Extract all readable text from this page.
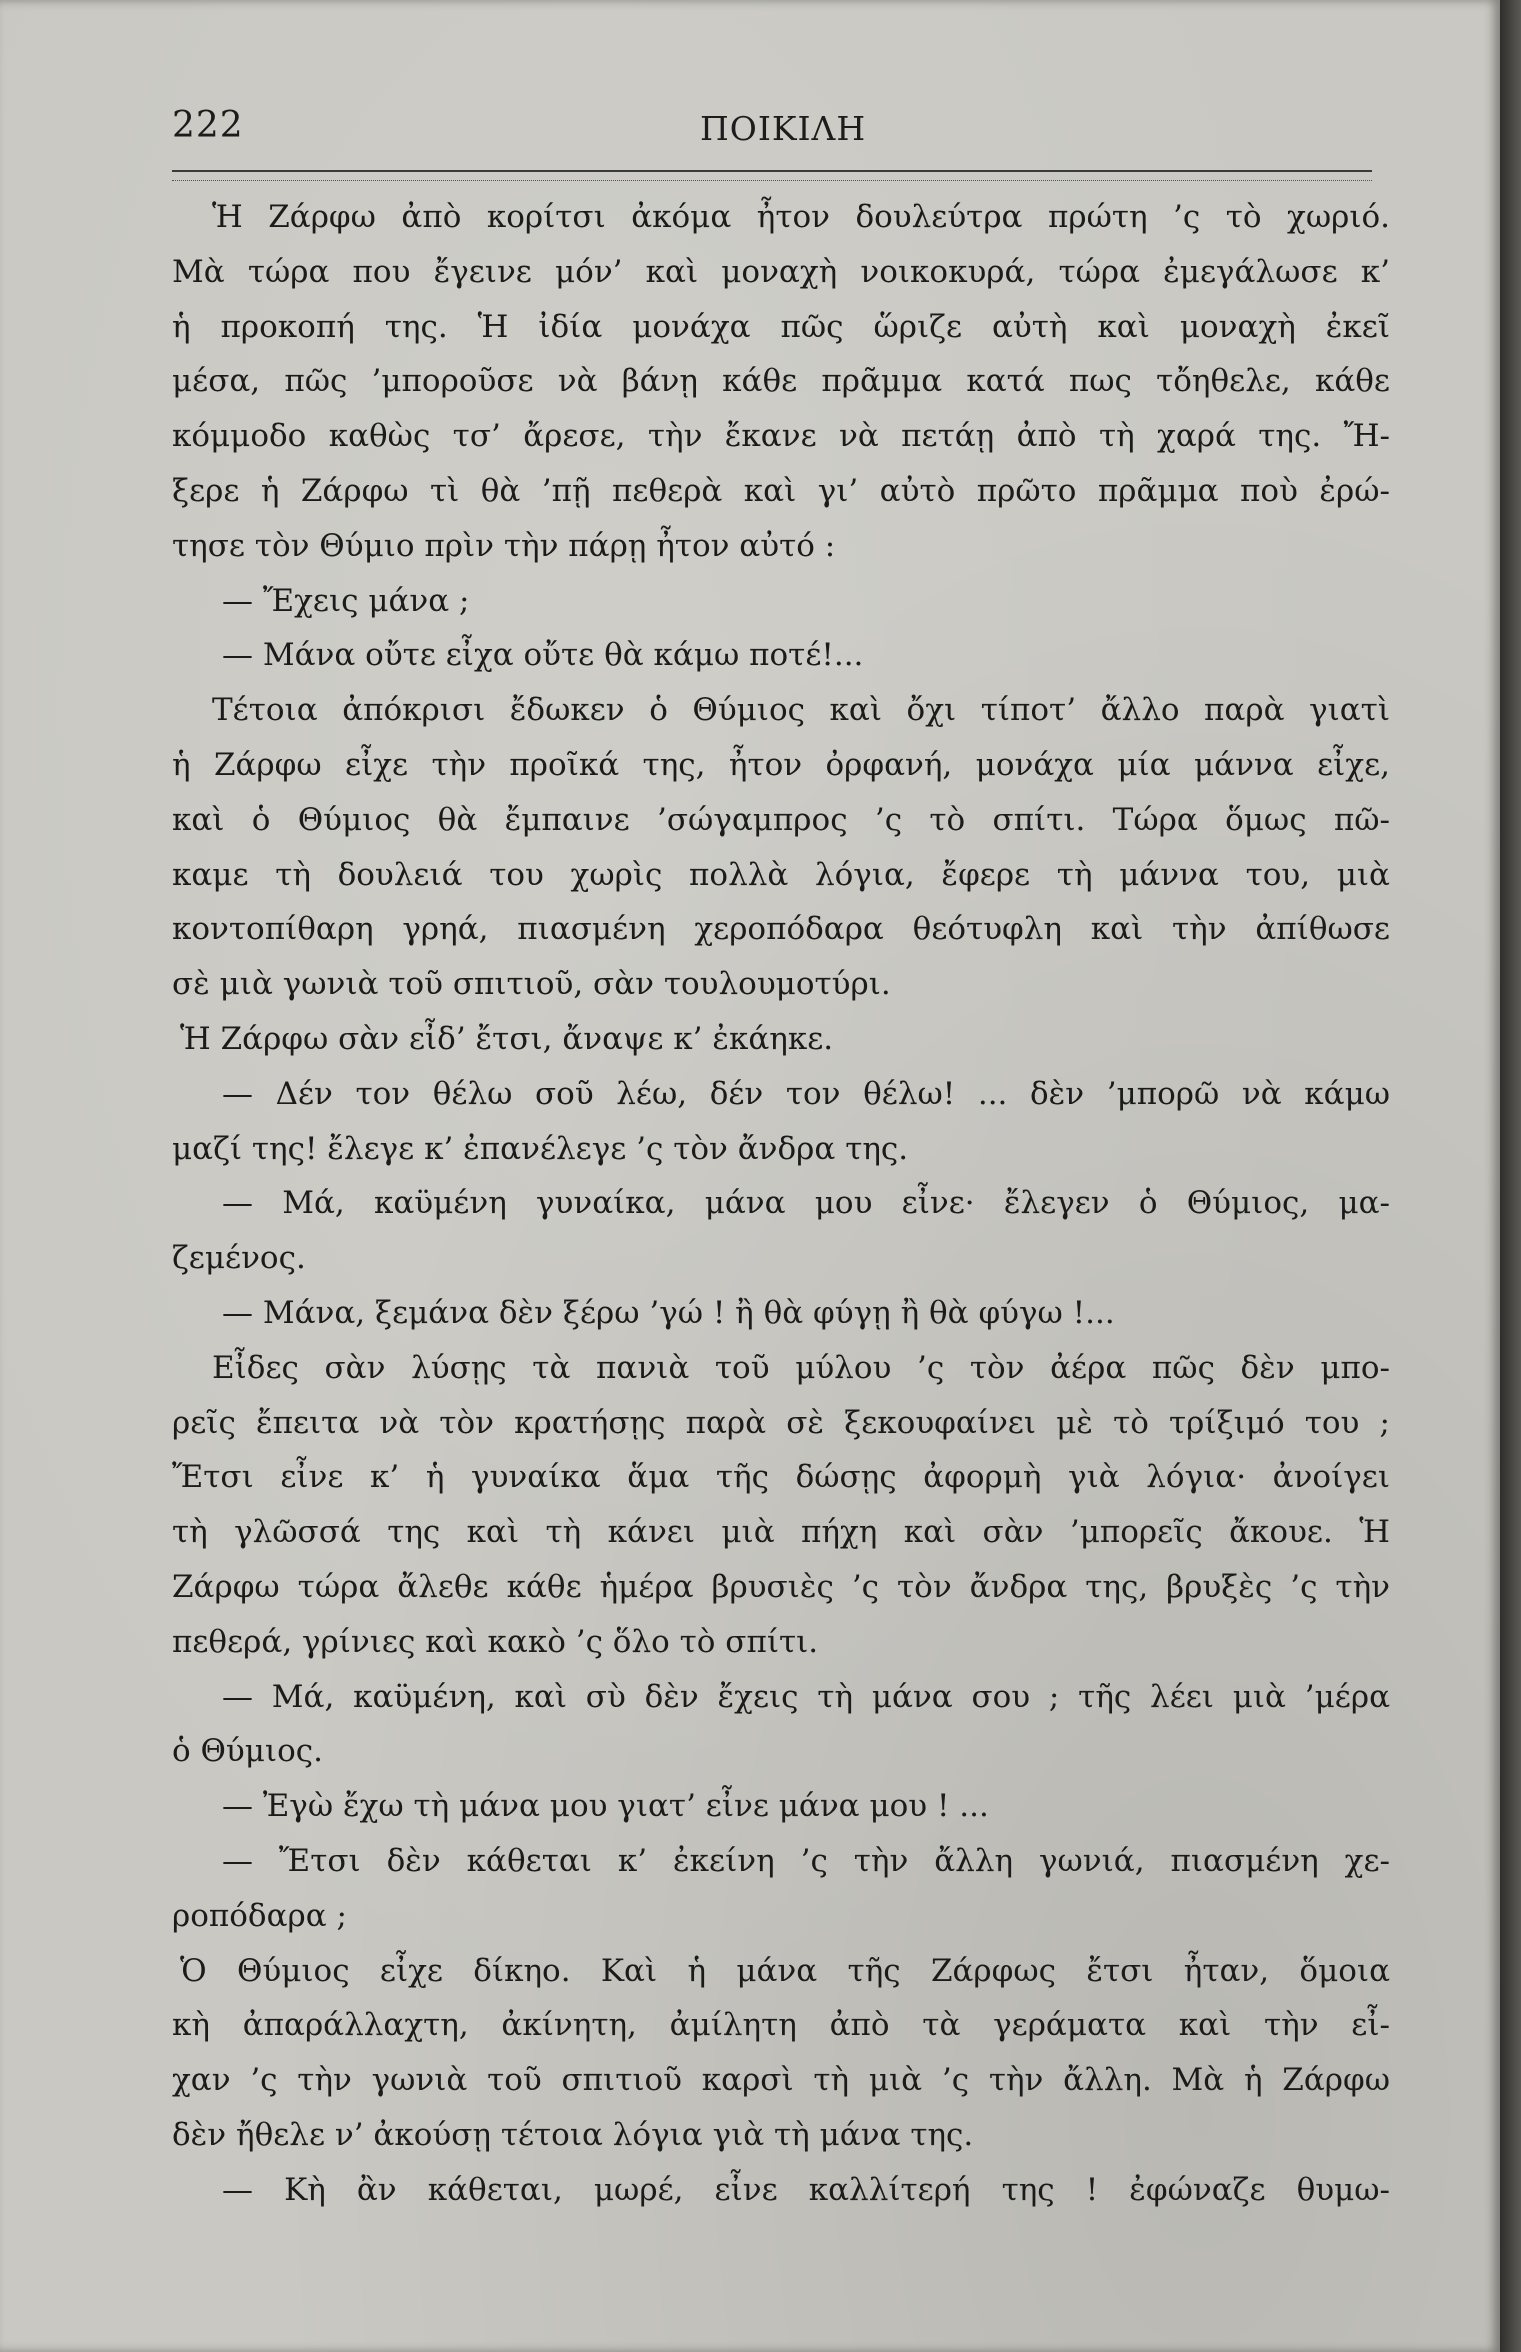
222	ΠΟΙΚΙΛΗ
Ἡ Ζάρφω ἀπὸ κορίτσι ἀκόμα ἦτον δουλεύτρα πρώτη ’ς τὸ χωριό.
Μὰ τώρα που ἔγεινε μόν’ καὶ μοναχὴ νοικοκυρά, τώρα ἐμεγάλωσε κ’
ἡ προκοπή της. Ἡ ἰδία μονάχα πῶς ὥριζε αὐτὴ καὶ μοναχὴ ἐκεῖ
μέσα, πῶς ’μποροῦσε νὰ βάνῃ κάθε πρᾶμμα κατά πως τὄηθελε, κάθε
κόμμοδο καθὼς τσ’ ἄρεσε, τὴν ἔκανε νὰ πετάῃ ἀπὸ τὴ χαρά της. Ἤ-
ξερε ἡ Ζάρφω τὶ θὰ ’πῇ πεθερὰ καὶ γι’ αὐτὸ πρῶτο πρᾶμμα ποὺ ἐρώ-
τησε τὸν Θύμιο πρὶν τὴν πάρῃ ἦτον αὐτό :
— Ἔχεις μάνα ;
— Μάνα οὔτε εἶχα οὔτε θὰ κάμω ποτέ!...
Τέτοια ἀπόκρισι ἔδωκεν ὁ Θύμιος καὶ ὄχι τίποτ’ ἄλλο παρὰ γιατὶ
ἡ Ζάρφω εἶχε τὴν προῖκά της, ἦτον ὀρφανή, μονάχα μία μάννα εἶχε,
καὶ ὁ Θύμιος θὰ ἔμπαινε ’σώγαμπρος ’ς τὸ σπίτι. Τώρα ὅμως πῶ-
καμε τὴ δουλειά του χωρὶς πολλὰ λόγια, ἔφερε τὴ μάννα του, μιὰ
κοντοπίθαρη γρηά, πιασμένη χεροπόδαρα θεότυφλη καὶ τὴν ἀπίθωσε
σὲ μιὰ γωνιὰ τοῦ σπιτιοῦ, σὰν τουλουμοτύρι.
Ἡ Ζάρφω σὰν εἶδ’ ἔτσι, ἄναψε κ’ ἐκάηκε.
— Δέν τον θέλω σοῦ λέω, δέν τον θέλω! ... δὲν ’μπορῶ νὰ κάμω
μαζί της! ἔλεγε κ’ ἐπανέλεγε ’ς τὸν ἄνδρα της.
— Μά, καϋμένη γυναίκα, μάνα μου εἶνε· ἔλεγεν ὁ Θύμιος, μα-
ζεμένος.
— Μάνα, ξεμάνα δὲν ξέρω ’γώ ! ἢ θὰ φύγῃ ἢ θὰ φύγω !...
Εἶδες σὰν λύσῃς τὰ πανιὰ τοῦ μύλου ’ς τὸν ἀέρα πῶς δὲν μπο-
ρεῖς ἔπειτα νὰ τὸν κρατήσῃς παρὰ σὲ ξεκουφαίνει μὲ τὸ τρίξιμό του ;
Ἔτσι εἶνε κ’ ἡ γυναίκα ἅμα τῆς δώσῃς ἀφορμὴ γιὰ λόγια· ἀνοίγει
τὴ γλῶσσά της καὶ τὴ κάνει μιὰ πήχη καὶ σὰν ’μπορεῖς ἄκουε. Ἡ
Ζάρφω τώρα ἄλεθε κάθε ἡμέρα βρυσιὲς ’ς τὸν ἄνδρα της, βρυξὲς ’ς τὴν
πεθερά, γρίνιες καὶ κακὸ ’ς ὅλο τὸ σπίτι.
— Μά, καϋμένη, καὶ σὺ δὲν ἔχεις τὴ μάνα σου ; τῆς λέει μιὰ ’μέρα
ὁ Θύμιος.
— Ἐγὼ ἔχω τὴ μάνα μου γιατ’ εἶνε μάνα μου ! ...
— Ἔτσι δὲν κάθεται κ’ ἐκείνη ’ς τὴν ἄλλη γωνιά, πιασμένη χε-
ροπόδαρα ;
Ὁ Θύμιος εἶχε δίκηο. Καὶ ἡ μάνα τῆς Ζάρφως ἔτσι ἦταν, ὅμοια
κὴ ἀπαράλλαχτη, ἀκίνητη, ἀμίλητη ἀπὸ τὰ γεράματα καὶ τὴν εἶ-
χαν ’ς τὴν γωνιὰ τοῦ σπιτιοῦ καρσὶ τὴ μιὰ ’ς τὴν ἄλλη. Μὰ ἡ Ζάρφω
δὲν ἤθελε ν’ ἀκούσῃ τέτοια λόγια γιὰ τὴ μάνα της.
— Κὴ ἂν κάθεται, μωρέ, εἶνε καλλίτερή της ! ἐφώναζε θυμω-
